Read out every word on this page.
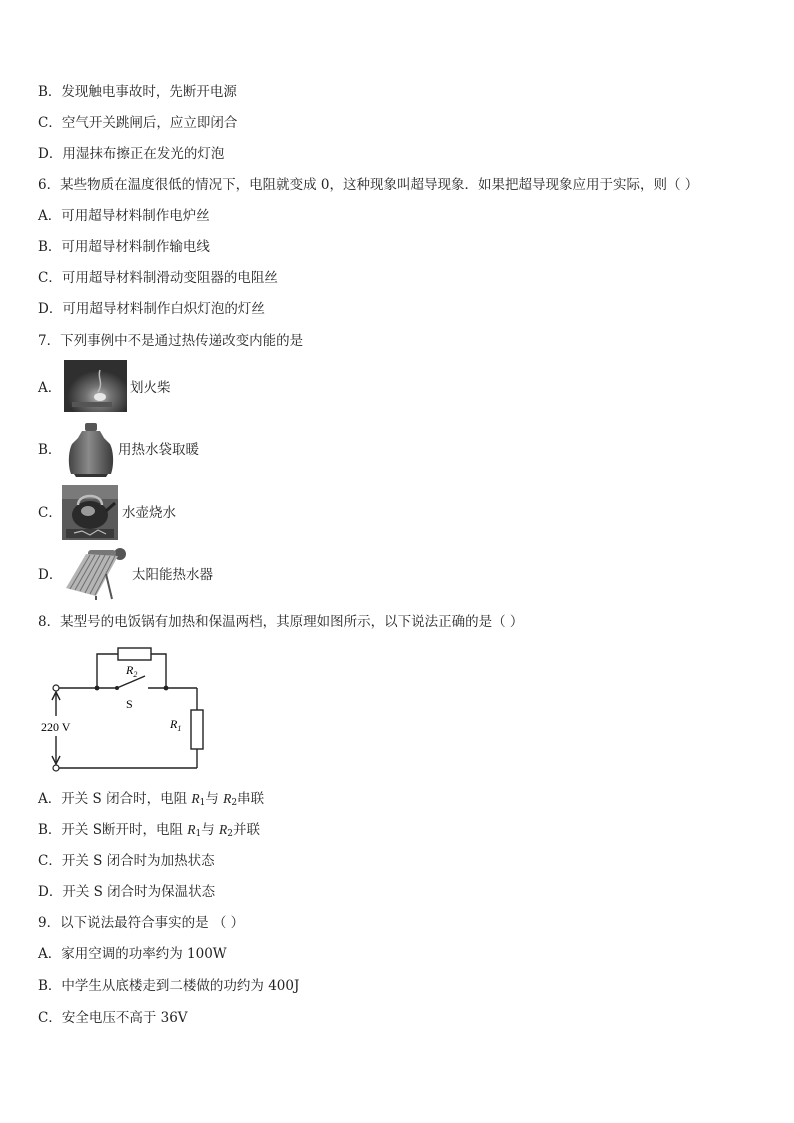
B．发现触电事故时，先断开电源
C．空气开关跳闸后，应立即闭合
D．用湿抹布擦正在发光的灯泡
6．某些物质在温度很低的情况下，电阻就变成 0，这种现象叫超导现象．如果把超导现象应用于实际，则（ ）
A．可用超导材料制作电炉丝
B．可用超导材料制作输电线
C．可用超导材料制滑动变阻器的电阻丝
D．可用超导材料制作白炽灯泡的灯丝
7．下列事例中不是通过热传递改变内能的是
A．	划火柴
B．	用热水袋取暖
C．	水壶烧水
D．	太阳能热水器
8．某型号的电饭锅有加热和保温两档，其原理如图所示，以下说法正确的是（ ）
$R_2$
S
220 V	$R_1$
A．开关 S 闭合时，电阻 $R_1$与 $R_2$串联
B．开关 S断开时，电阻 $R_1$与 $R_2$并联
C．开关 S 闭合时为加热状态
D．开关 S 闭合时为保温状态
9．以下说法最符合事实的是 （ ）
A．家用空调的功率约为 100W
B．中学生从底楼走到二楼做的功约为 400J
C．安全电压不高于 36V
